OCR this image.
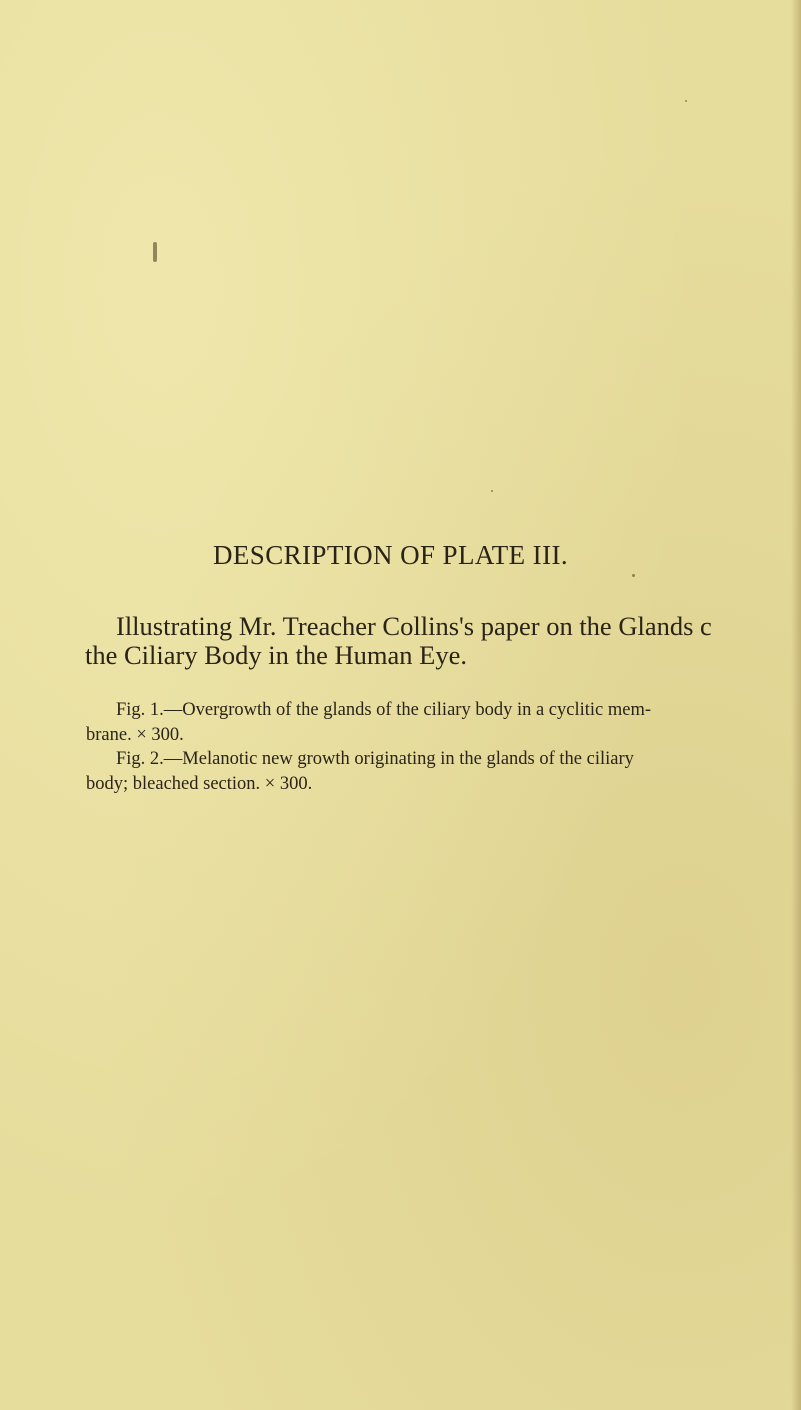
DESCRIPTION OF PLATE III.
Illustrating Mr. Treacher Collins's paper on the Glands c
the Ciliary Body in the Human Eye.
Fig. 1.—Overgrowth of the glands of the ciliary body in a cyclitic mem-
brane. × 300.
Fig. 2.—Melanotic new growth originating in the glands of the ciliary
body; bleached section. × 300.
